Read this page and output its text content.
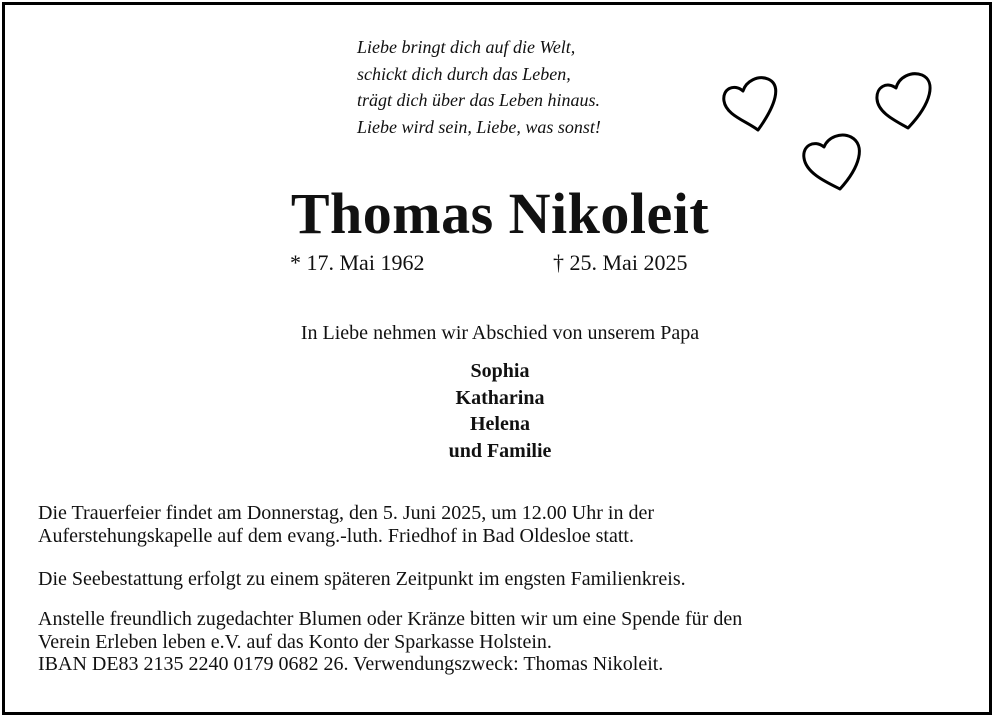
Liebe bringt dich auf die Welt,
schickt dich durch das Leben,
trägt dich über das Leben hinaus.
Liebe wird sein, Liebe, was sonst!
Thomas Nikoleit
* 17. Mai 1962	† 25. Mai 2025
In Liebe nehmen wir Abschied von unserem Papa
Sophia
Katharina
Helena
und Familie
Die Trauerfeier findet am Donnerstag, den 5. Juni 2025, um 12.00 Uhr in der
Auferstehungskapelle auf dem evang.-luth. Friedhof in Bad Oldesloe statt.
Die Seebestattung erfolgt zu einem späteren Zeitpunkt im engsten Familienkreis.
Anstelle freundlich zugedachter Blumen oder Kränze bitten wir um eine Spende für den
Verein Erleben leben e.V. auf das Konto der Sparkasse Holstein.
IBAN DE83 2135 2240 0179 0682 26. Verwendungszweck: Thomas Nikoleit.
